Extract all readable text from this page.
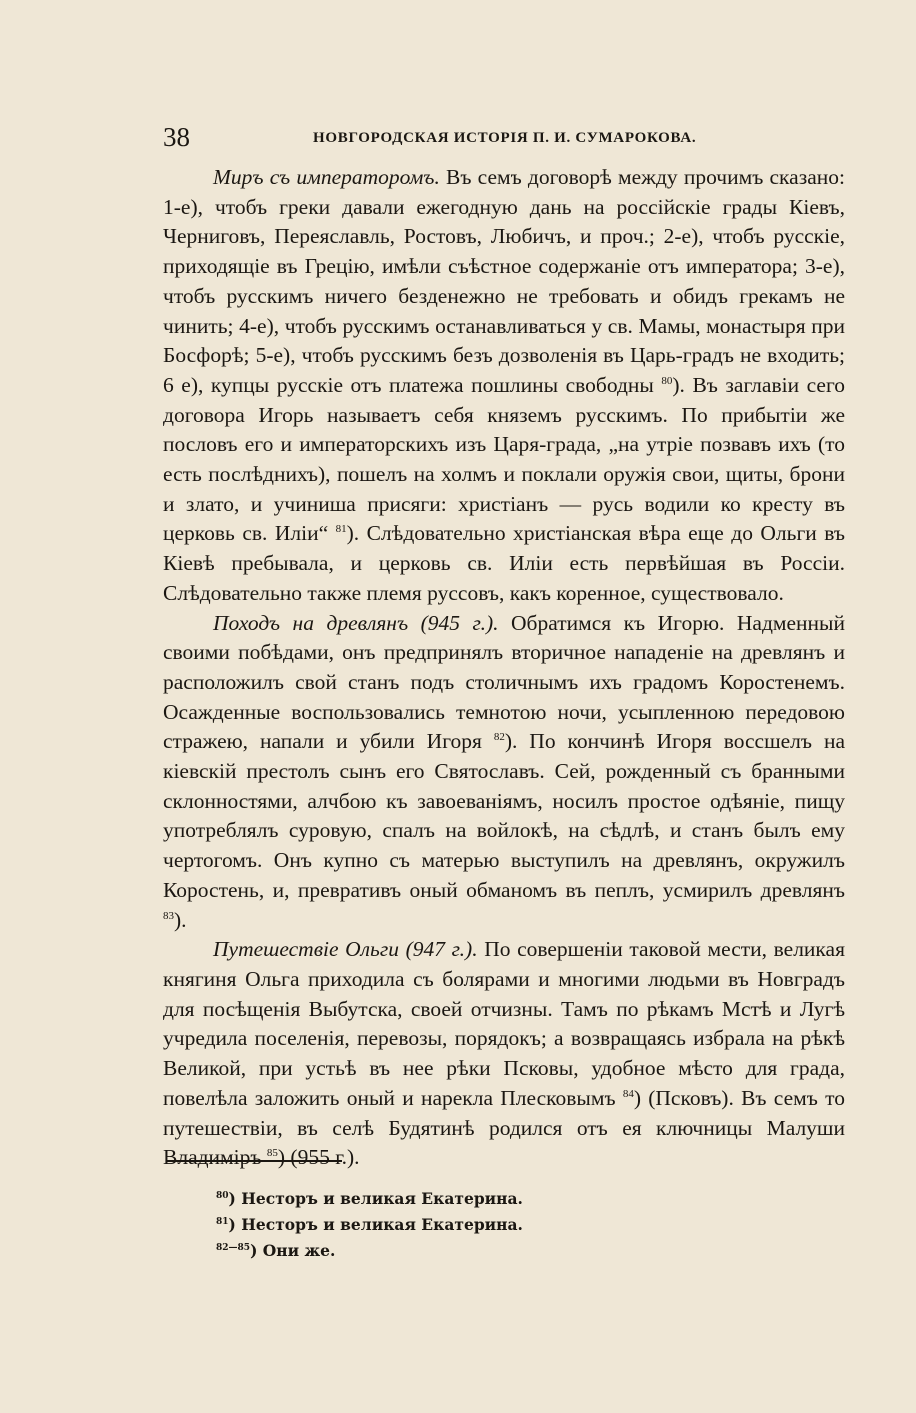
38	НОВГОРОДСКАЯ ИСТОРІЯ П. И. СУМАРОКОВА.

Миръ съ императоромъ. Въ семъ договорѣ между прочимъ сказано: 1-е), чтобъ греки давали ежегодную дань на россійскіе грады Кіевъ, Черниговъ, Переяславль, Ростовъ, Любичъ, и проч.; 2-е), чтобъ русскіе, приходящіе въ Грецію, имѣли съѣстное содержаніе отъ императора; 3-е), чтобъ русскимъ ничего безденежно не требовать и обидъ грекамъ не чинить; 4-е), чтобъ русскимъ останавливаться у св. Мамы, монастыря при Босфорѣ; 5-е), чтобъ русскимъ безъ дозволенія въ Царь-градъ не входить; 6 е), купцы русскіе отъ платежа пошлины свободны $^{80}$). Въ заглавіи сего договора Игорь называетъ себя княземъ русскимъ. По прибытіи же пословъ его и императорскихъ изъ Царя-града, „на утріе позвавъ ихъ (то есть послѣднихъ), пошелъ на холмъ и поклали оружія свои, щиты, брони и злато, и учиниша присяги: христіанъ — русь водили ко кресту въ церковь св. Иліи“ $^{81}$). Слѣдовательно христіанская вѣра еще до Ольги въ Кіевѣ пребывала, и церковь св. Иліи есть первѣйшая въ Россіи. Слѣдовательно также племя руссовъ, какъ коренное, существовало.

Походъ на древлянъ (945 г.). Обратимся къ Игорю. Надменный своими побѣдами, онъ предпринялъ вторичное нападеніе на древлянъ и расположилъ свой станъ подъ столичнымъ ихъ градомъ Коростенемъ. Осажденные воспользовались темнотою ночи, усыпленною передовою стражею, напали и убили Игоря $^{82}$). По кончинѣ Игоря воссшелъ на кіевскій престолъ сынъ его Святославъ. Сей, рожденный съ бранными склонностями, алчбою къ завоеваніямъ, носилъ простое одѣяніе, пищу употреблялъ суровую, спалъ на войлокѣ, на сѣдлѣ, и станъ былъ ему чертогомъ. Онъ купно съ матерью выступилъ на древлянъ, окружилъ Коростень, и, превративъ оный обманомъ въ пеплъ, усмирилъ древлянъ $^{83}$).

Путешествіе Ольги (947 г.). По совершеніи таковой мести, великая княгиня Ольга приходила съ болярами и многими людьми въ Новградъ для посѣщенія Выбутска, своей отчизны. Тамъ по рѣкамъ Мстѣ и Лугѣ учредила поселенія, перевозы, порядокъ; а возвращаясь избрала на рѣкѣ Великой, при устьѣ въ нее рѣки Псковы, удобное мѣсто для града, повелѣла заложить оный и нарекла Плесковымъ $^{84}$) (Псковъ). Въ семъ то путешествіи, въ селѣ Будятинѣ родился отъ ея ключницы Малуши Владиміръ $^{85}$) (955 г.).

$^{80}$) Несторъ и великая Екатерина.
$^{81}$) Несторъ и великая Екатерина.
$^{82—85}$) Они же.
